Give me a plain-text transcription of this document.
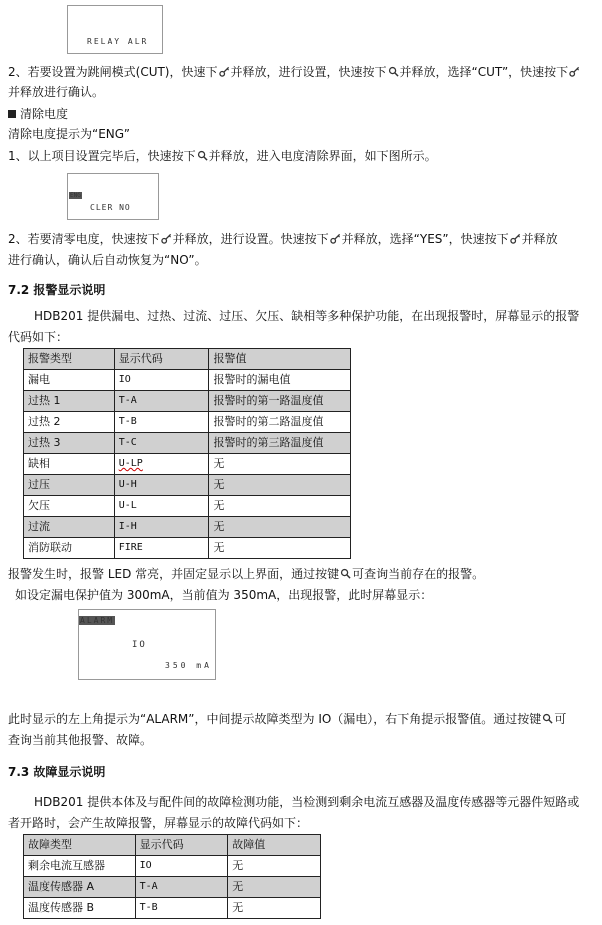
RELAY ALR
2、若要设置为跳闸模式(CUT)，快速下 并释放，进行设置，快速按下 并释放，选择“CUT”，快速按下
并释放进行确认。
清除电度
清除电度提示为“ENG”
1、以上项目设置完毕后，快速按下 并释放，进入电度清除界面，如下图所示。
ENG
CLER NO
2、若要清零电度，快速按下 并释放，进行设置。快速按下 并释放，选择“YES”，快速按下 并释放
进行确认，确认后自动恢复为“NO”。
7.2 报警显示说明
HDB201 提供漏电、过热、过流、过压、欠压、缺相等多种保护功能，在出现报警时，屏幕显示的报警
代码如下：
报警类型	显示代码	报警值
漏电	IO	报警时的漏电值
过热 1	T-A	报警时的第一路温度值
过热 2	T-B	报警时的第二路温度值
过热 3	T-C	报警时的第三路温度值
缺相	U-LP	无
过压	U-H	无
欠压	U-L	无
过流	I-H	无
消防联动	FIRE	无
报警发生时，报警 LED 常亮，并固定显示以上界面，通过按键 可查询当前存在的报警。
如设定漏电保护值为 300mA，当前值为 350mA，出现报警，此时屏幕显示：
ALARM
IO
350 mA
此时显示的左上角提示为“ALARM”，中间提示故障类型为 IO（漏电），右下角提示报警值。通过按键 可
查询当前其他报警、故障。
7.3 故障显示说明
HDB201 提供本体及与配件间的故障检测功能，当检测到剩余电流互感器及温度传感器等元器件短路或
者开路时，会产生故障报警，屏幕显示的故障代码如下：
故障类型	显示代码	故障值
剩余电流互感器	IO	无
温度传感器 A	T-A	无
温度传感器 B	T-B	无
